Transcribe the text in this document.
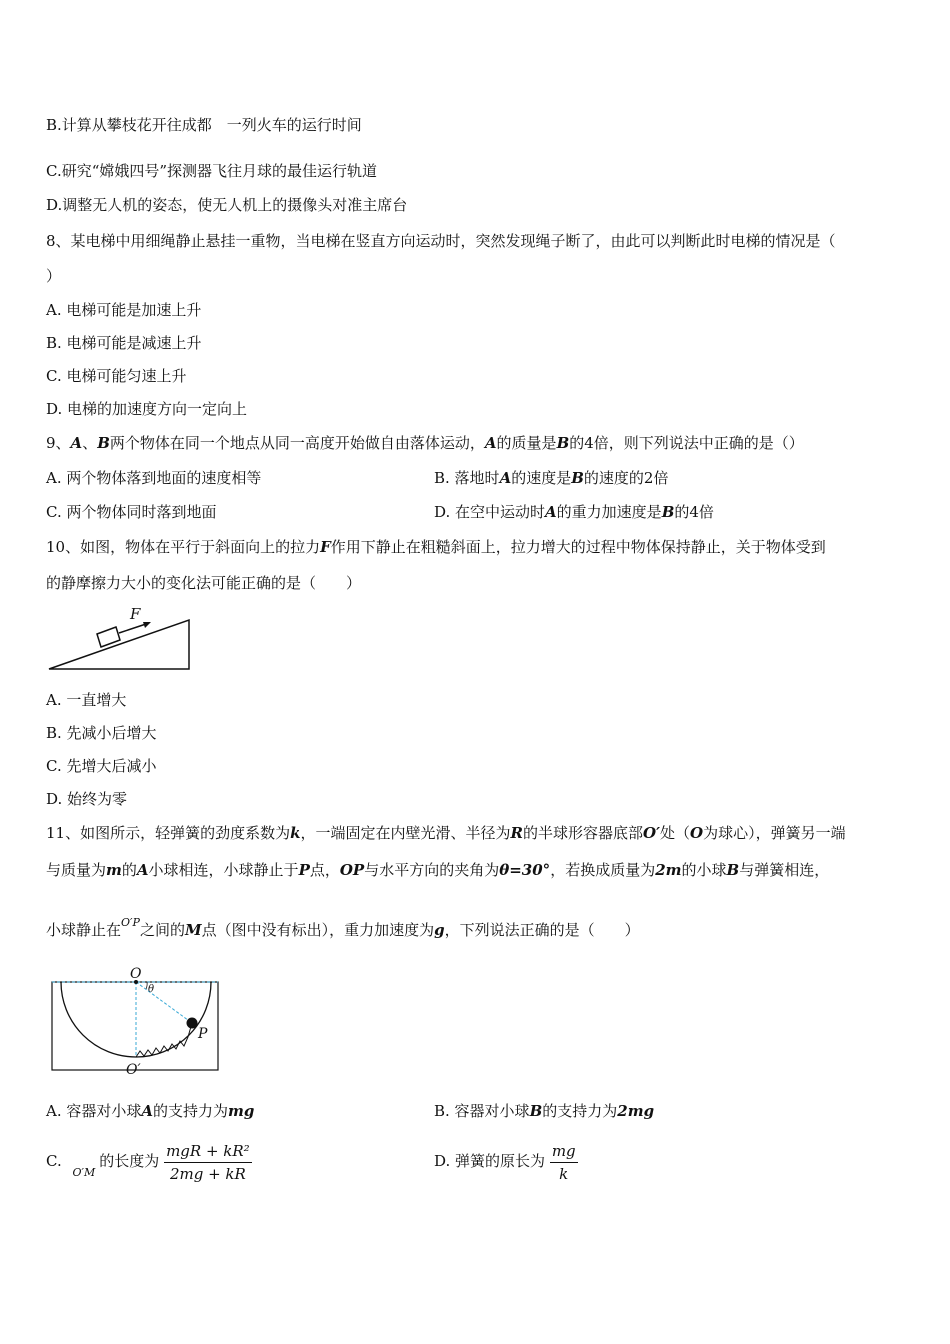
B.计算从攀枝花开往成都　一列火车的运行时间
C.研究“嫦娥四号”探测器飞往月球的最佳运行轨道
D.调整无人机的姿态，使无人机上的摄像头对准主席台
8、某电梯中用细绳静止悬挂一重物，当电梯在竖直方向运动时，突然发现绳子断了，由此可以判断此时电梯的情况是（
）
A. 电梯可能是加速上升
B. 电梯可能是减速上升
C. 电梯可能匀速上升
D. 电梯的加速度方向一定向上
9、A、B两个物体在同一个地点从同一高度开始做自由落体运动，A的质量是B的4倍，则下列说法中正确的是（）
A. 两个物体落到地面的速度相等	B. 落地时A的速度是B的速度的2倍
C. 两个物体同时落到地面	D. 在空中运动时A的重力加速度是B的4倍
10、如图，物体在平行于斜面向上的拉力F作用下静止在粗糙斜面上，拉力增大的过程中物体保持静止，关于物体受到
的静摩擦力大小的变化法可能正确的是（　　）
F
A. 一直增大
B. 先减小后增大
C. 先增大后减小
D. 始终为零
11、如图所示，轻弹簧的劲度系数为k，一端固定在内壁光滑、半径为R的半球形容器底部O′处（O为球心），弹簧另一端
与质量为m的A小球相连，小球静止于P点，OP与水平方向的夹角为θ=30°，若换成质量为2m的小球B与弹簧相连，
小球静止在$^{O'P}$之间的M点（图中没有标出），重力加速度为g，下列说法正确的是（　　）
O
θ
P
O′
A. 容器对小球A的支持力为mg	B. 容器对小球B的支持力为2mg
C. $_{O'M}$的长度为 $\frac{\text{mgR + kR²}}{2mg + kR}$	D. 弹簧的原长为 $\frac{mg}{k}$
